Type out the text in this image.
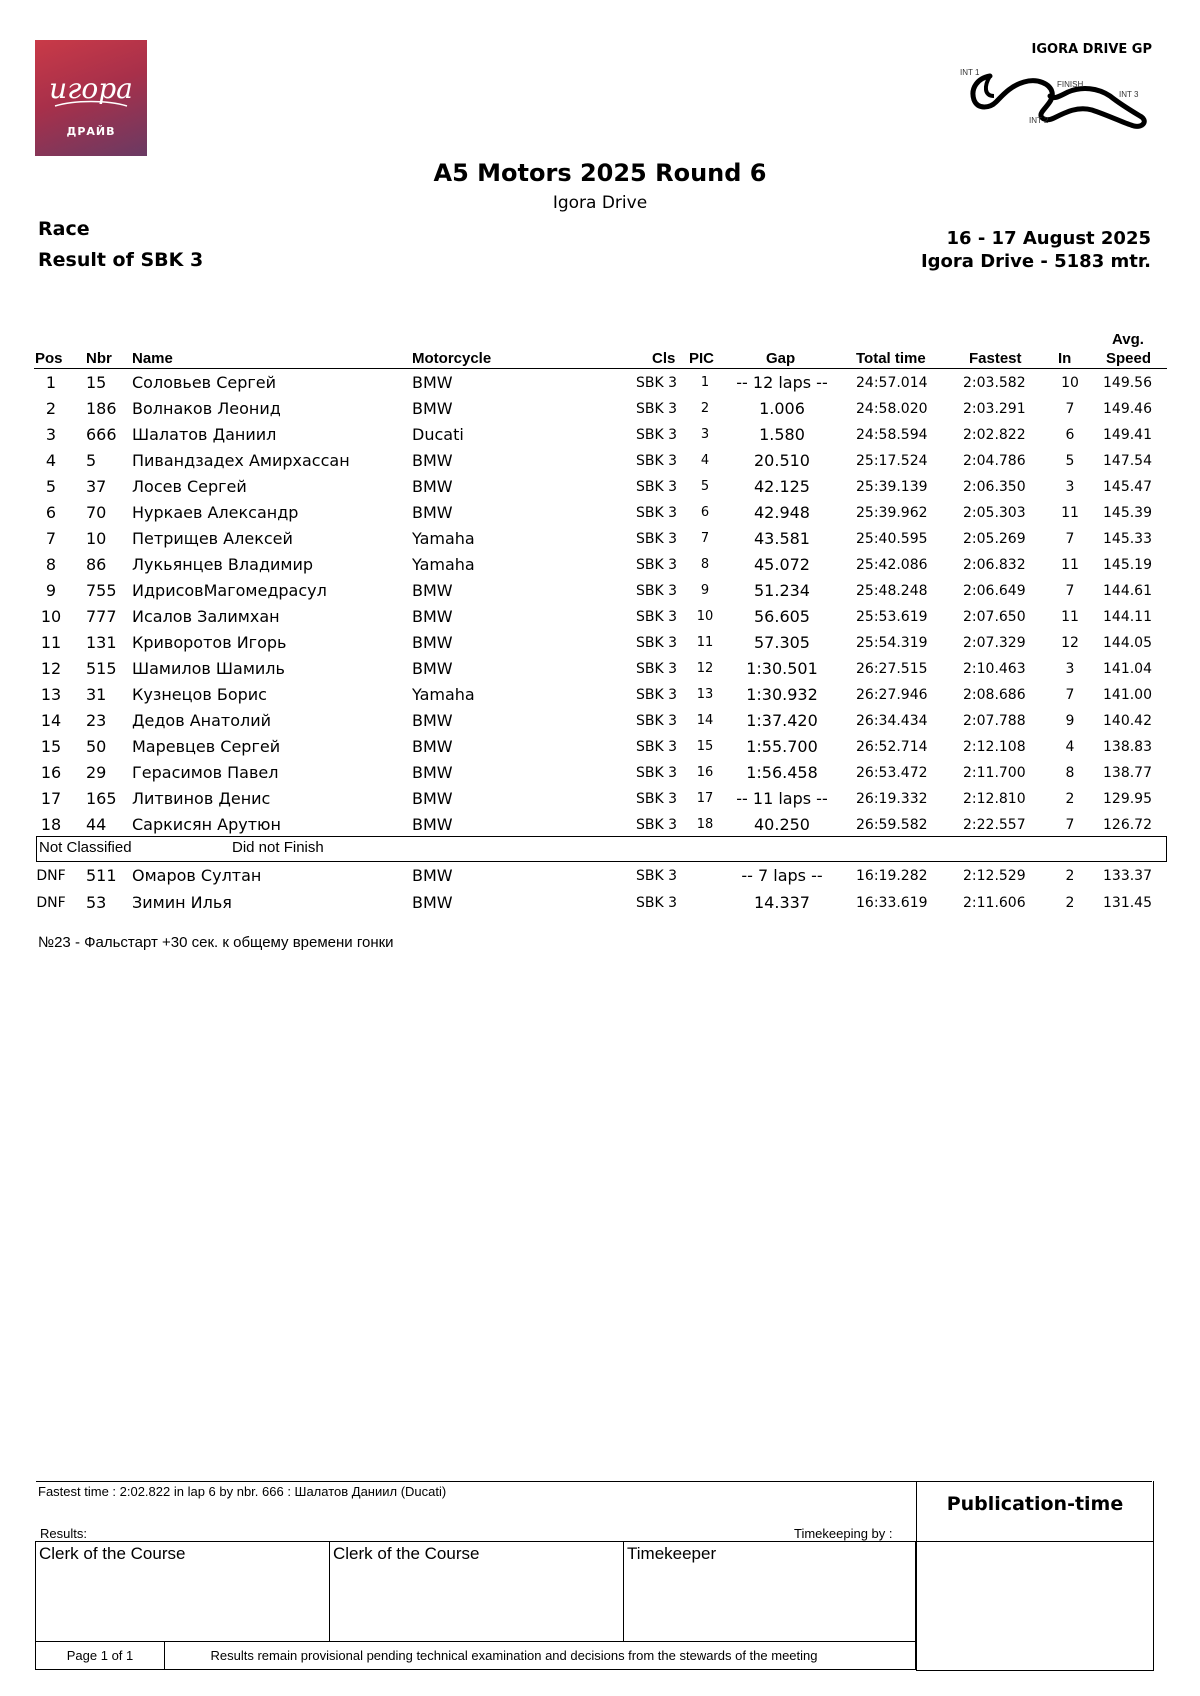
игора
ДРАЙВ
IGORA DRIVE GP
INT 1
FINISH
INT 3
INT 2
A5 Motors 2025 Round 6
Igora Drive
Race
Result of SBK 3
16 - 17 August 2025
Igora Drive - 5183 mtr.
Pos Nbr Name	Motorcycle	Cls PIC	Gap	Total time	Fastest In
Avg.
Speed
1	15 Соловьев Сергей	BMW	SBK 3	1	-- 12 laps --	24:57.014	2:03.582	10	149.56
2	186 Волнаков Леонид	BMW	SBK 3	2	1.006	24:58.020	2:03.291	7	149.46
3	666 Шалатов Даниил	Ducati	SBK 3	3	1.580	24:58.594	2:02.822	6	149.41
4	5 Пивандзадех Амирхассан	BMW	SBK 3	4	20.510	25:17.524	2:04.786	5	147.54
5	37 Лосев Сергей	BMW	SBK 3	5	42.125	25:39.139	2:06.350	3	145.47
6	70 Нуркаев Александр	BMW	SBK 3	6	42.948	25:39.962	2:05.303	11	145.39
7	10 Петрищев Алексей	Yamaha	SBK 3	7	43.581	25:40.595	2:05.269	7	145.33
8	86 Лукьянцев Владимир	Yamaha	SBK 3	8	45.072	25:42.086	2:06.832	11	145.19
9	755 ИдрисовМагомедрасул	BMW	SBK 3	9	51.234	25:48.248	2:06.649	7	144.61
10	777 Исалов Залимхан	BMW	SBK 3 10	56.605	25:53.619	2:07.650	11	144.11
11	131 Криворотов Игорь	BMW	SBK 3 11	57.305	25:54.319	2:07.329	12	144.05
12	515 Шамилов Шамиль	BMW	SBK 3 12	1:30.501	26:27.515	2:10.463	3	141.04
13	31 Кузнецов Борис	Yamaha	SBK 3 13	1:30.932	26:27.946	2:08.686	7	141.00
14	23 Дедов Анатолий	BMW	SBK 3 14	1:37.420	26:34.434	2:07.788	9	140.42
15	50 Маревцев Сергей	BMW	SBK 3 15	1:55.700	26:52.714	2:12.108	4	138.83
16	29 Герасимов Павел	BMW	SBK 3 16	1:56.458	26:53.472	2:11.700	8	138.77
17	165 Литвинов Денис	BMW	SBK 3 17	-- 11 laps --	26:19.332	2:12.810	2	129.95
18	44 Саркисян Арутюн	BMW	SBK 3 18	40.250	26:59.582	2:22.557	7	126.72
Not Classified	Did not Finish
DNF 511 Омаров Султан	BMW	SBK 3	-- 7 laps --	16:19.282	2:12.529	2	133.37
DNF 53 Зимин Илья	BMW	SBK 3	14.337	16:33.619	2:11.606	2	131.45
№23 - Фальстарт +30 сек. к общему времени гонки
Fastest time : 2:02.822 in lap 6 by nbr. 666 : Шалатов Даниил (Ducati)
Publication-time
Results:	Timekeeping by :
Clerk of the Course	Clerk of the Course	Timekeeper
Page 1 of 1	Results remain provisional pending technical examination and decisions from the stewards of the meeting
